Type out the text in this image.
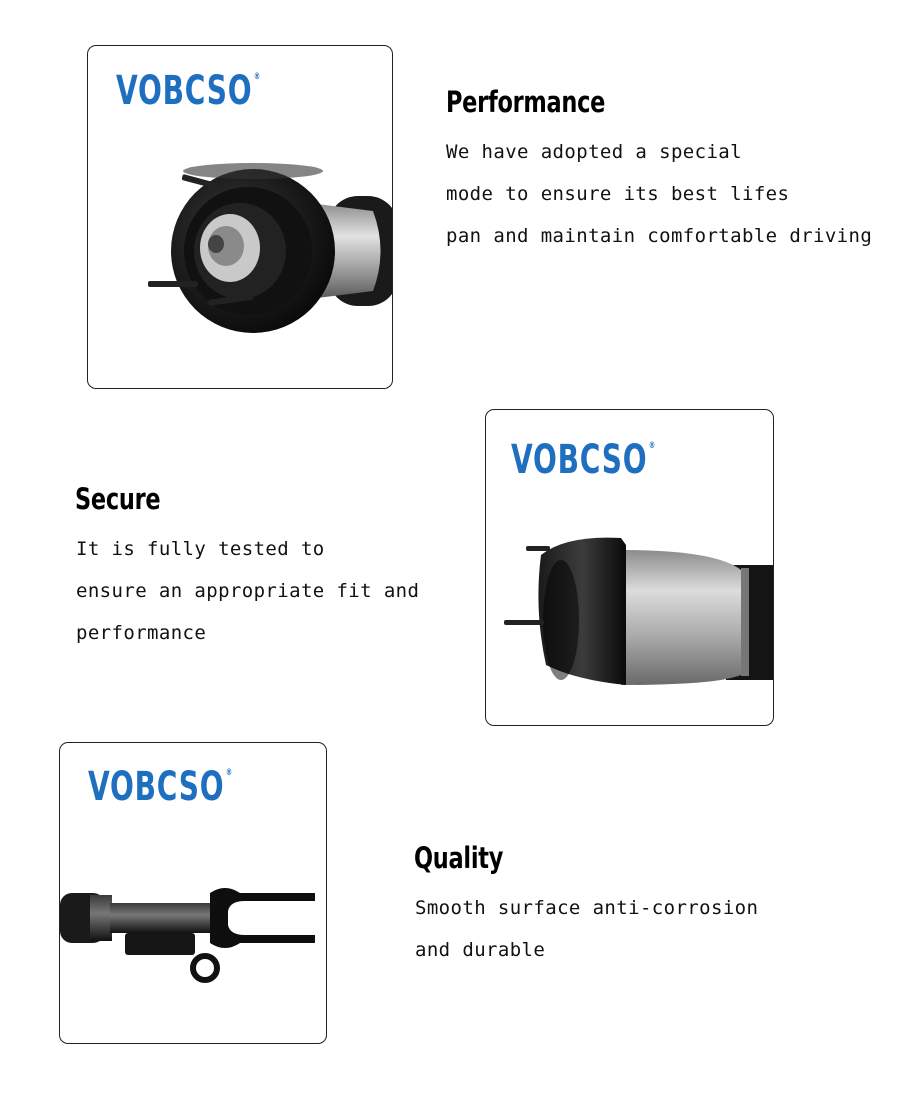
VOBCSO ®
Performance
We have adopted a special
mode to ensure its best lifes
pan and maintain comfortable driving
Secure
It is fully tested to
ensure an appropriate fit and
performance
VOBCSO ®
VOBCSO ®
Quality
Smooth surface anti-corrosion
and durable
